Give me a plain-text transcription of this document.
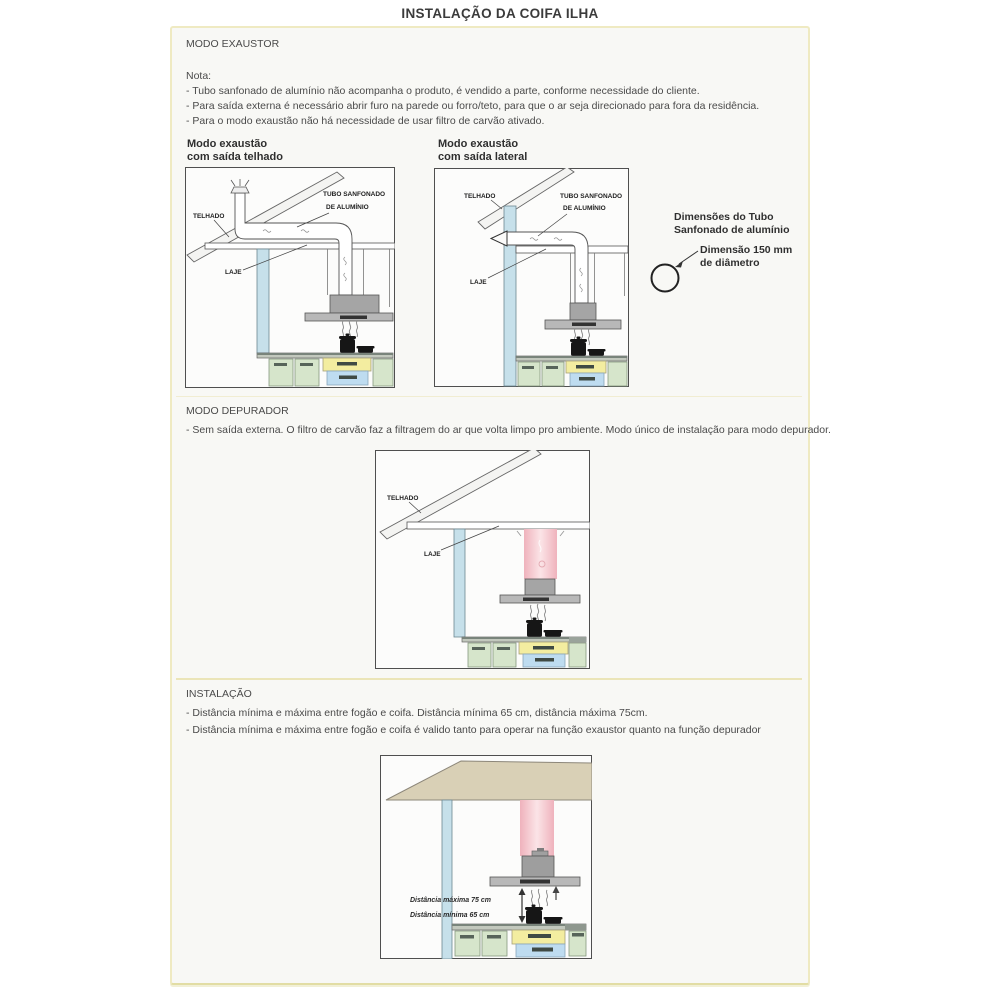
INSTALAÇÃO DA COIFA ILHA
MODO EXAUSTOR
Nota:
- Tubo sanfonado de alumínio não acompanha o produto, é vendido a parte, conforme necessidade do cliente.
- Para saída externa é necessário abrir furo na parede ou forro/teto, para que o ar seja direcionado para fora da residência.
- Para o modo exaustão não há necessidade de usar filtro de carvão ativado.
Modo exaustão
com saída telhado
Modo exaustão
com saída lateral
TELHADO
TUBO SANFONADO
DE ALUMÍNIO
LAJE
TELHADO	TUBO SANFONADO
DE ALUMÍNIO
LAJE
Dimensões do Tubo
Sanfonado de alumínio
Dimensão 150 mm
de diâmetro
MODO DEPURADOR
- Sem saída externa. O filtro de carvão faz a filtragem do ar que volta limpo pro ambiente. Modo único de instalação para modo depurador.
TELHADO
LAJE
INSTALAÇÃO
- Distância mínima e máxima entre fogão e coifa. Distância mínima 65 cm, distância máxima 75cm.
- Distância mínima e máxima entre fogão e coifa é valido tanto para operar na função exaustor quanto na função depurador
Distância máxima 75 cm
Distância mínima 65 cm
